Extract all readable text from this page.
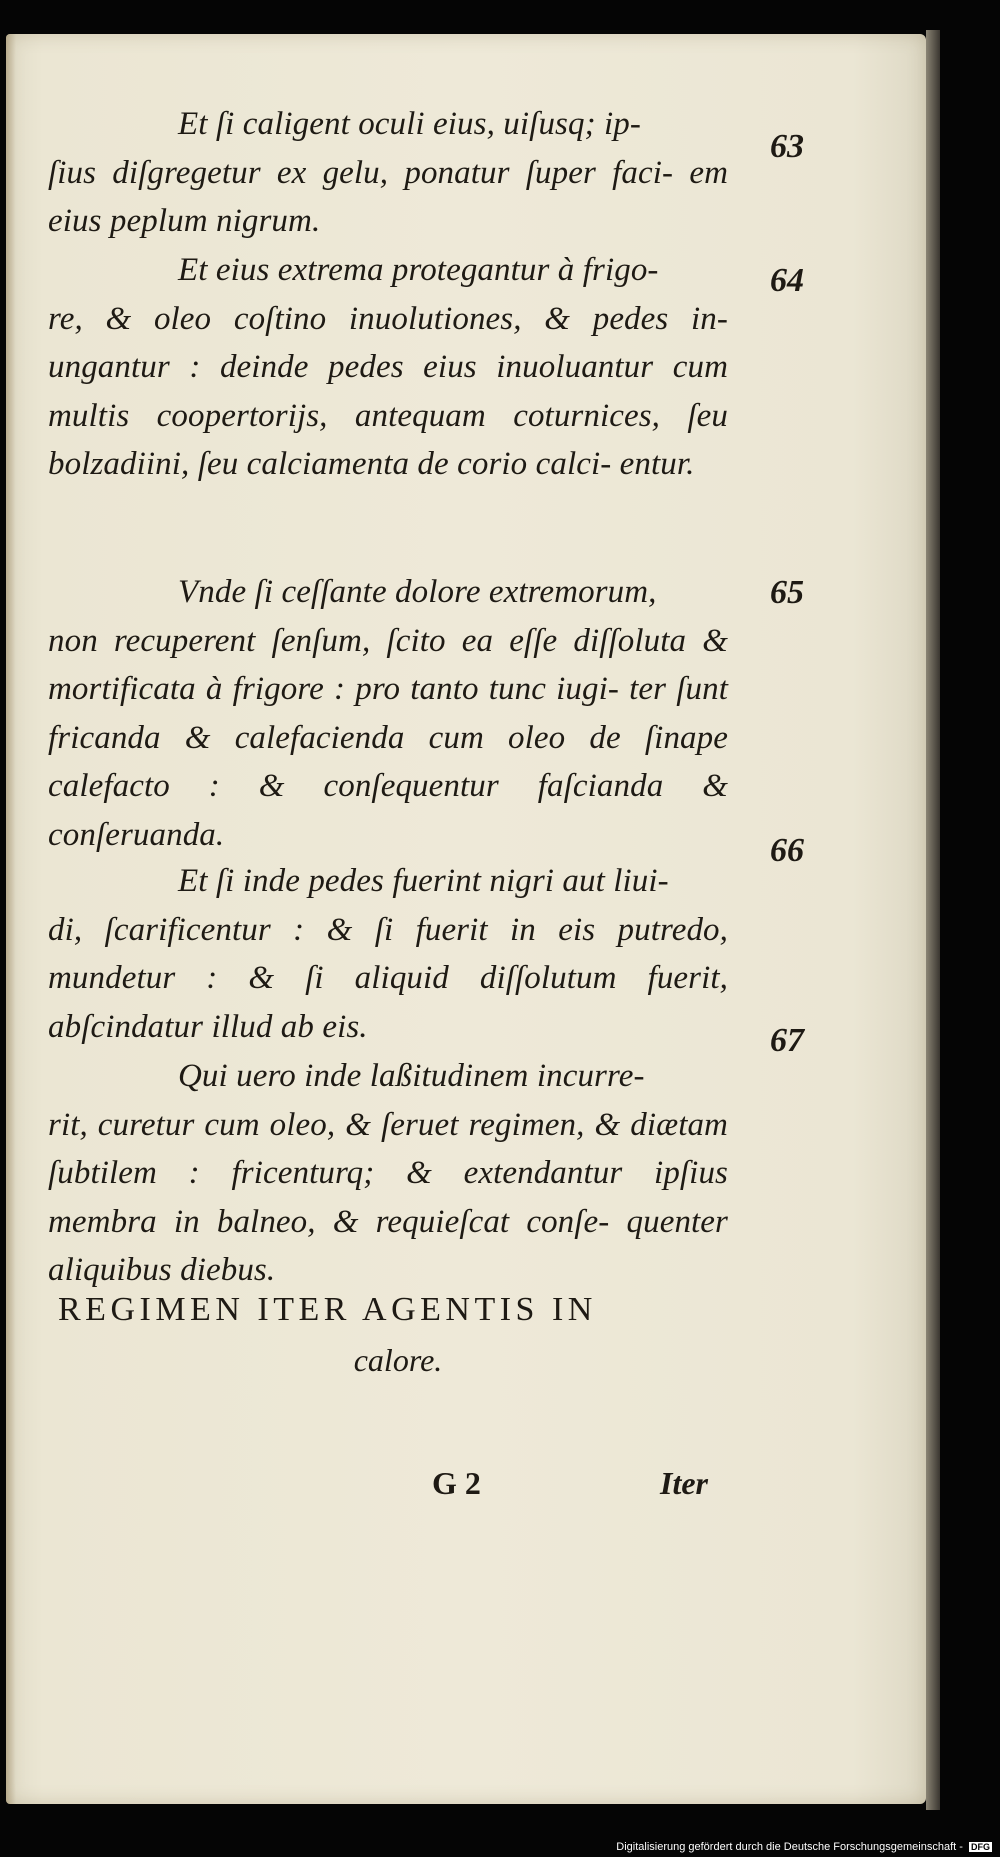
Et ſi caligent oculi eius, uiſusq; ip-
ſius diſgregetur ex gelu, ponatur ſuper faci- em eius peplum nigrum.

Et eius extrema protegantur à frigo-
re, & oleo coſtino inuolutiones, & pedes in- ungantur : deinde pedes eius inuoluantur cum multis coopertorijs, antequam coturnices, ſeu bolzadiini, ſeu calciamenta de corio calci- entur.

Vnde ſi ceſſante dolore extremorum,
non recuperent ſenſum, ſcito ea eſſe diſſoluta & mortificata à frigore : pro tanto tunc iugi- ter ſunt fricanda & calefacienda cum oleo de ſinape calefacto : & conſequentur faſcianda & conſeruanda.

Et ſi inde pedes fuerint nigri aut liui-
di, ſcarificentur : & ſi fuerit in eis putredo, mundetur : & ſi aliquid diſſolutum fuerit, abſcindatur illud ab eis.

Qui uero inde laßitudinem incurre-
rit, curetur cum oleo, & ſeruet regimen, & diætam ſubtilem : fricenturq; & extendantur ipſius membra in balneo, & requieſcat conſe- quenter aliquibus diebus.

63
64
65
66
67
REGIMEN ITER AGENTIS IN
calore.
G 2	Iter
Digitalisierung gefördert durch die Deutsche Forschungsgemeinschaft - DFG
